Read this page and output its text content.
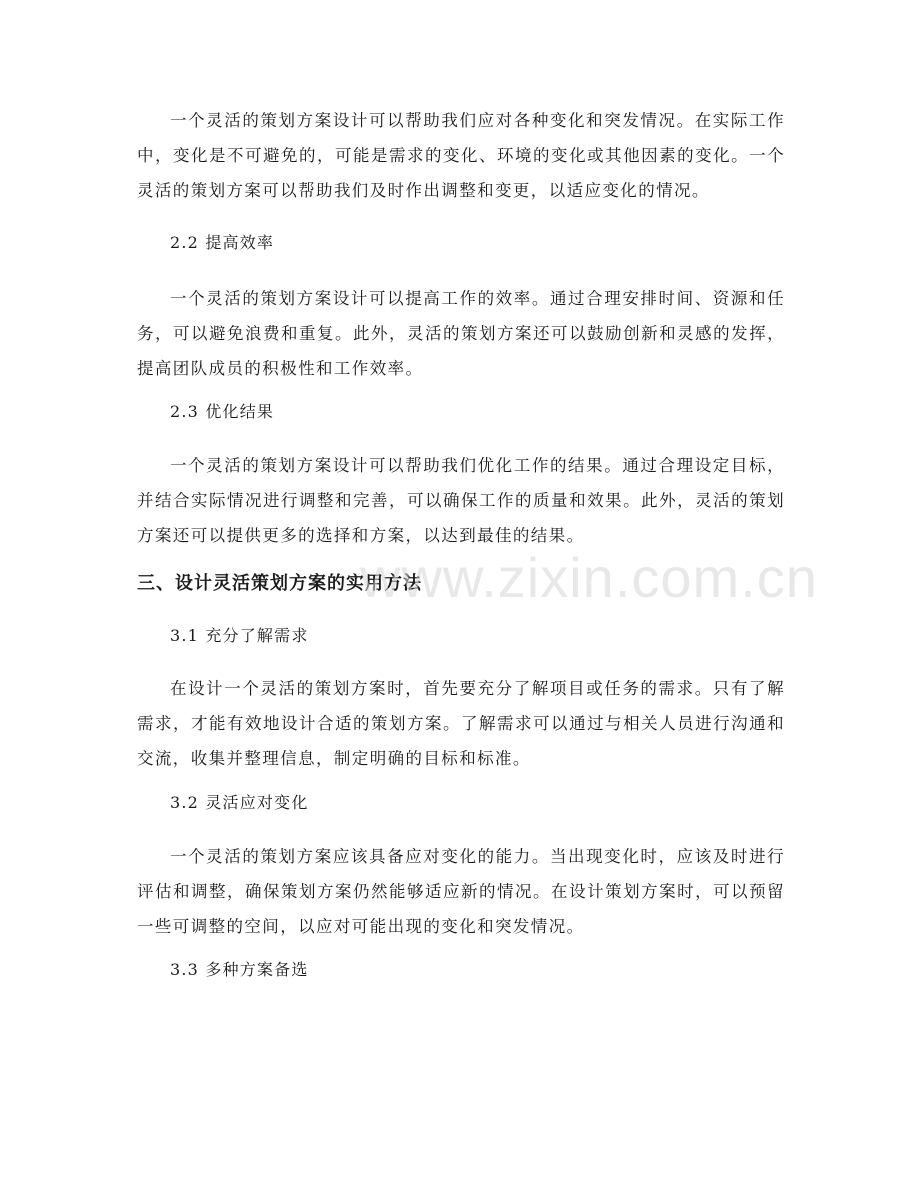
一个灵活的策划方案设计可以帮助我们应对各种变化和突发情况。在实际工作中，变化是不可避免的，可能是需求的变化、环境的变化或其他因素的变化。一个灵活的策划方案可以帮助我们及时作出调整和变更，以适应变化的情况。

2.2 提高效率

一个灵活的策划方案设计可以提高工作的效率。通过合理安排时间、资源和任务，可以避免浪费和重复。此外，灵活的策划方案还可以鼓励创新和灵感的发挥，提高团队成员的积极性和工作效率。

2.3 优化结果

一个灵活的策划方案设计可以帮助我们优化工作的结果。通过合理设定目标，并结合实际情况进行调整和完善，可以确保工作的质量和效果。此外，灵活的策划方案还可以提供更多的选择和方案，以达到最佳的结果。

三、设计灵活策划方案的实用方法

3.1 充分了解需求

在设计一个灵活的策划方案时，首先要充分了解项目或任务的需求。只有了解需求，才能有效地设计合适的策划方案。了解需求可以通过与相关人员进行沟通和交流，收集并整理信息，制定明确的目标和标准。

3.2 灵活应对变化

一个灵活的策划方案应该具备应对变化的能力。当出现变化时，应该及时进行评估和调整，确保策划方案仍然能够适应新的情况。在设计策划方案时，可以预留一些可调整的空间，以应对可能出现的变化和突发情况。

3.3 多种方案备选

www.zixin.com.cn
